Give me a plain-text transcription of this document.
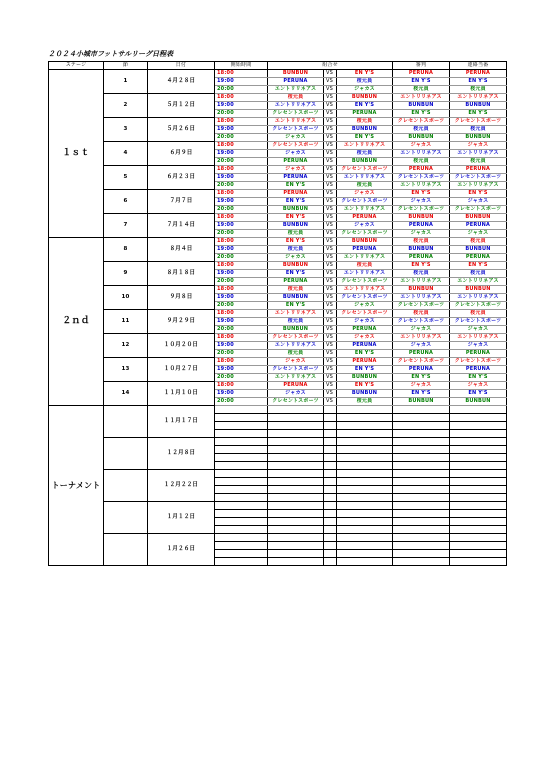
２０２４小城市フットサルリーグ日程表
ステージ	節	日付	開始時間	組合せ			審判	連絡当番
１ｓｔ	1	４月２８日	18:00	BUNBUN	VS	EN Y'S	PERUNA	PERUNA
			19:00	PERUNA	VS	桜元員	EN Y'S	EN Y'S
			20:00	エントリリネアス	VS	ジャカス	桜元員	桜元員
	2	５月１２日	18:00	桜元員	VS	BUNBUN	エントリリネアス	エントリリネアス
			19:00	エントリリネアス	VS	EN Y'S	BUNBUN	BUNBUN
			20:00	クレセントスポーツ	VS	PERUNA	EN Y'S	EN Y'S
	3	５月２６日	18:00	エントリリネアス	VS	桜元員	クレセントスポーツ	クレセントスポーツ
			19:00	クレセントスポーツ	VS	BUNBUN	桜元員	桜元員
			20:00	ジャカス	VS	EN Y'S	BUNBUN	BUNBUN
	4	６月９日	18:00	クレセントスポーツ	VS	エントリリネアス	ジャカス	ジャカス
			19:00	ジャカス	VS	桜元員	エントリリネアス	エントリリネアス
			20:00	PERUNA	VS	BUNBUN	桜元員	桜元員
	5	６月２３日	18:00	ジャカス	VS	クレセントスポーツ	PERUNA	PERUNA
			19:00	PERUNA	VS	エントリリネアス	クレセントスポーツ	クレセントスポーツ
			20:00	EN Y'S	VS	桜元員	エントリリネアス	エントリリネアス
	6	７月７日	18:00	PERUNA	VS	ジャカス	EN Y'S	EN Y'S
			19:00	EN Y'S	VS	クレセントスポーツ	ジャカス	ジャカス
			20:00	BUNBUN	VS	エントリリネアス	クレセントスポーツ	クレセントスポーツ
	7	７月１４日	18:00	EN Y'S	VS	PERUNA	BUNBUN	BUNBUN
			19:00	BUNBUN	VS	ジャカス	PERUNA	PERUNA
			20:00	桜元員	VS	クレセントスポーツ	ジャカス	ジャカス
２ｎｄ	8	８月４日	18:00	EN Y'S	VS	BUNBUN	桜元員	桜元員
			19:00	桜元員	VS	PERUNA	BUNBUN	BUNBUN
			20:00	ジャカス	VS	エントリリネアス	PERUNA	PERUNA
	9	８月１８日	18:00	BUNBUN	VS	桜元員	EN Y'S	EN Y'S
			19:00	EN Y'S	VS	エントリリネアス	桜元員	桜元員
			20:00	PERUNA	VS	クレセントスポーツ	エントリリネアス	エントリリネアス
	10	９月８日	18:00	桜元員	VS	エントリリネアス	BUNBUN	BUNBUN
			19:00	BUNBUN	VS	クレセントスポーツ	エントリリネアス	エントリリネアス
			20:00	EN Y'S	VS	ジャカス	クレセントスポーツ	クレセントスポーツ
	11	９月２９日	18:00	エントリリネアス	VS	クレセントスポーツ	桜元員	桜元員
			19:00	桜元員	VS	ジャカス	クレセントスポーツ	クレセントスポーツ
			20:00	BUNBUN	VS	PERUNA	ジャカス	ジャカス
	12	１０月２０日	18:00	クレセントスポーツ	VS	ジャカス	エントリリネアス	エントリリネアス
			19:00	エントリリネアス	VS	PERUNA	ジャカス	ジャカス
			20:00	桜元員	VS	EN Y'S	PERUNA	PERUNA
	13	１０月２７日	18:00	ジャカス	VS	PERUNA	クレセントスポーツ	クレセントスポーツ
			19:00	クレセントスポーツ	VS	EN Y'S	PERUNA	PERUNA
			20:00	エントリリネアス	VS	BUNBUN	EN Y'S	EN Y'S
	14	１１月１０日	18:00	PERUNA	VS	EN Y'S	ジャカス	ジャカス
			19:00	ジャカス	VS	BUNBUN	EN Y'S	EN Y'S
			20:00	クレセントスポーツ	VS	桜元員	BUNBUN	BUNBUN
トーナメント		１１月１７日						

		１２月８日						

		１２月２２日						

		１月１２日						

		１月２６日						
